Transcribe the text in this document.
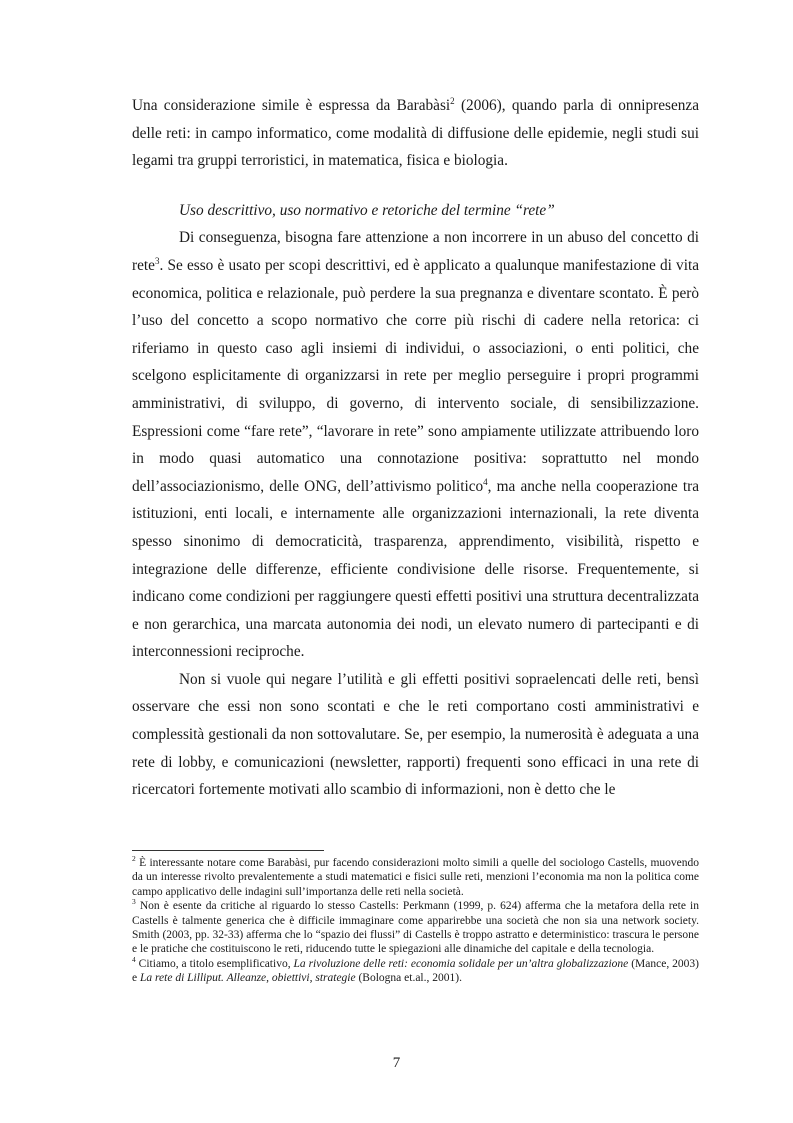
Una considerazione simile è espressa da Barabàsi$^2$ (2006), quando parla di onnipresenza delle reti: in campo informatico, come modalità di diffusione delle epidemie, negli studi sui legami tra gruppi terroristici, in matematica, fisica e biologia.

Uso descrittivo, uso normativo e retoriche del termine “rete”

Di conseguenza, bisogna fare attenzione a non incorrere in un abuso del concetto di rete$^3$. Se esso è usato per scopi descrittivi, ed è applicato a qualunque manifestazione di vita economica, politica e relazionale, può perdere la sua pregnanza e diventare scontato. È però l’uso del concetto a scopo normativo che corre più rischi di cadere nella retorica: ci riferiamo in questo caso agli insiemi di individui, o associazioni, o enti politici, che scelgono esplicitamente di organizzarsi in rete per meglio perseguire i propri programmi amministrativi, di sviluppo, di governo, di intervento sociale, di sensibilizzazione. Espressioni come “fare rete”, “lavorare in rete” sono ampiamente utilizzate attribuendo loro in modo quasi automatico una connotazione positiva: soprattutto nel mondo dell’associazionismo, delle ONG, dell’attivismo politico$^4$, ma anche nella cooperazione tra istituzioni, enti locali, e internamente alle organizzazioni internazionali, la rete diventa spesso sinonimo di democraticità, trasparenza, apprendimento, visibilità, rispetto e integrazione delle differenze, efficiente condivisione delle risorse. Frequentemente, si indicano come condizioni per raggiungere questi effetti positivi una struttura decentralizzata e non gerarchica, una marcata autonomia dei nodi, un elevato numero di partecipanti e di interconnessioni reciproche.

Non si vuole qui negare l’utilità e gli effetti positivi sopraelencati delle reti, bensì osservare che essi non sono scontati e che le reti comportano costi amministrativi e complessità gestionali da non sottovalutare. Se, per esempio, la numerosità è adeguata a una rete di lobby, e comunicazioni (newsletter, rapporti) frequenti sono efficaci in una rete di ricercatori fortemente motivati allo scambio di informazioni, non è detto che le

$^2$ È interessante notare come Barabàsi, pur facendo considerazioni molto simili a quelle del sociologo Castells, muovendo da un interesse rivolto prevalentemente a studi matematici e fisici sulle reti, menzioni l’economia ma non la politica come campo applicativo delle indagini sull’importanza delle reti nella società.

$^3$ Non è esente da critiche al riguardo lo stesso Castells: Perkmann (1999, p. 624) afferma che la metafora della rete in Castells è talmente generica che è difficile immaginare come apparirebbe una società che non sia una network society. Smith (2003, pp. 32-33) afferma che lo “spazio dei flussi” di Castells è troppo astratto e deterministico: trascura le persone e le pratiche che costituiscono le reti, riducendo tutte le spiegazioni alle dinamiche del capitale e della tecnologia.

$^4$ Citiamo, a titolo esemplificativo, La rivoluzione delle reti: economia solidale per un’altra globalizzazione (Mance, 2003) e La rete di Lilliput. Alleanze, obiettivi, strategie (Bologna et.al., 2001).

7
